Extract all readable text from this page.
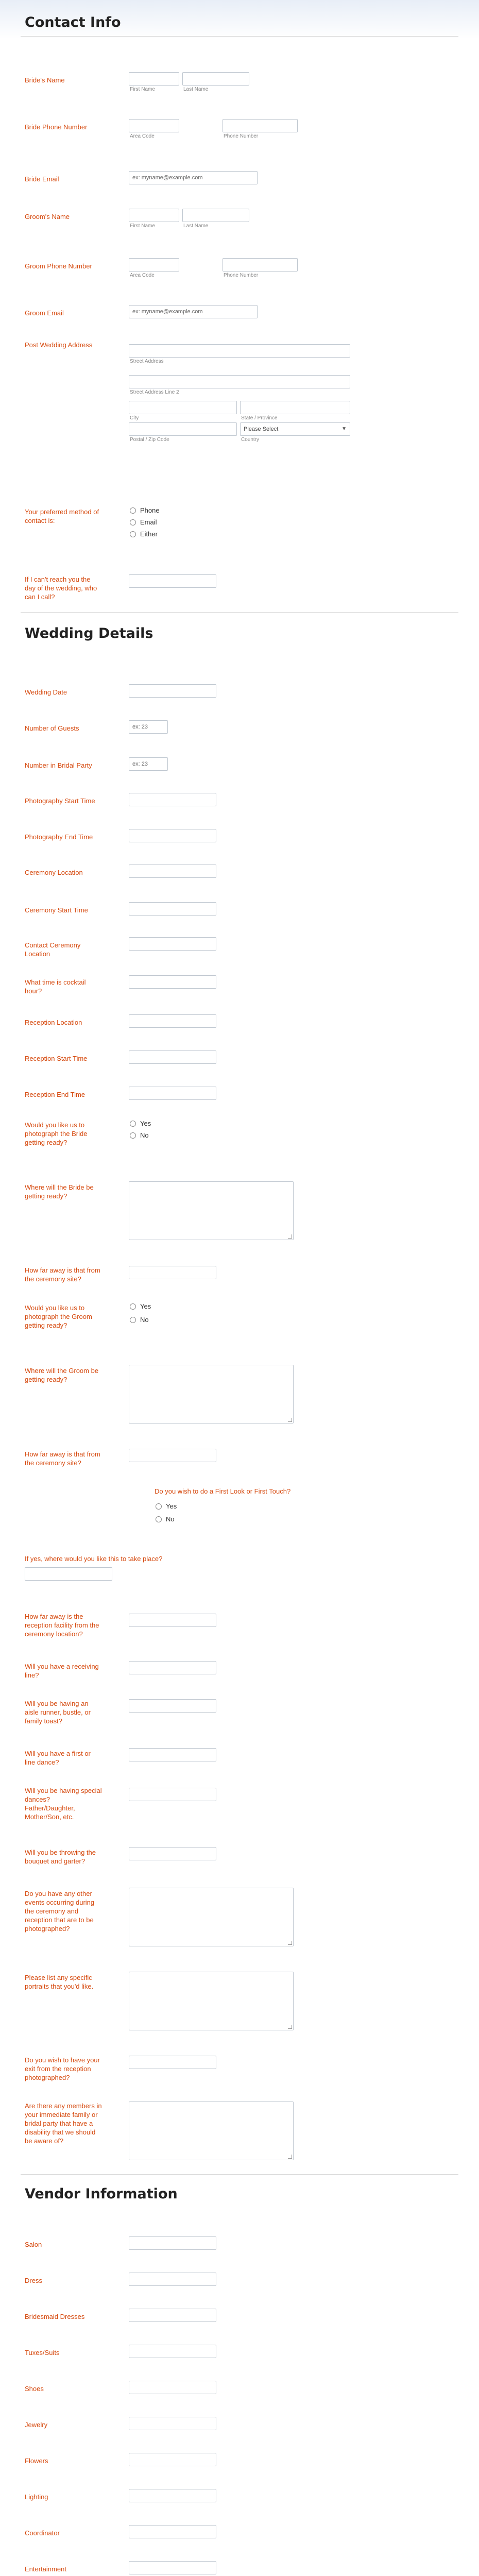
Contact Info
Bride's Name
First Name	Last Name
Bride Phone Number
Area Code	Phone Number
Bride Email	ex: myname@example.com
Groom's Name
First Name	Last Name
Groom Phone Number
Area Code	Phone Number
Groom Email	ex: myname@example.com
Post Wedding Address
Street Address
Street Address Line 2
City	State / Province
Please Select	▼
Postal / Zip Code	Country
Your preferred method of contact is:
Phone
Email
Either
If I can't reach you the day of the wedding, who can I call?
Wedding Details
Wedding Date
Number of Guests	ex: 23
Number in Bridal Party	ex: 23
Photography Start Time
Photography End Time
Ceremony Location
Ceremony Start Time
Contact Ceremony Location
What time is cocktail hour?
Reception Location
Reception Start Time
Reception End Time
Would you like us to photograph the Bride getting ready?
Yes
No
Where will the Bride be getting ready?
How far away is that from the ceremony site?
Would you like us to photograph the Groom getting ready?
Yes
No
Where will the Groom be getting ready?
How far away is that from the ceremony site?
Do you wish to do a First Look or First Touch?
Yes
No
If yes, where would you like this to take place?
How far away is the reception facility from the ceremony location?
Will you have a receiving line?
Will you be having an aisle runner, bustle, or family toast?
Will you have a first or line dance?
Will you be having special dances? Father/Daughter, Mother/Son, etc.
Will you be throwing the bouquet and garter?
Do you have any other events occurring during the ceremony and reception that are to be photographed?
Please list any specific portraits that you'd like.
Do you wish to have your exit from the reception photographed?
Are there any members in your immediate family or bridal party that have a disability that we should be aware of?
Vendor Information
Salon
Dress
Bridesmaid Dresses
Tuxes/Suits
Shoes
Jewelry
Flowers
Lighting
Coordinator
Entertainment
